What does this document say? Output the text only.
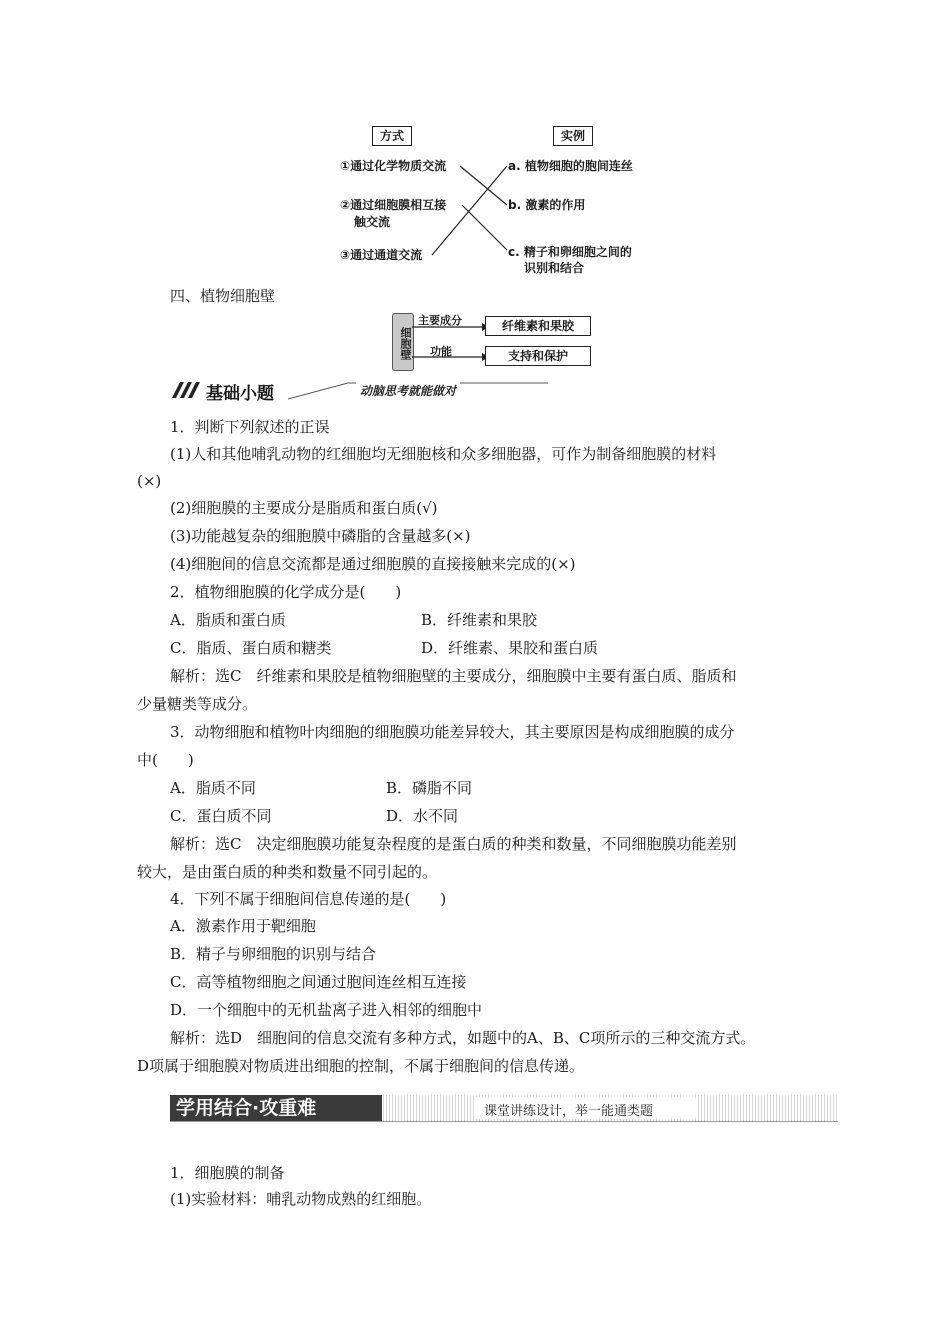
方式	实例
①通过化学物质交流
②通过细胞膜相互接
触交流
③通过通道交流
a. 植物细胞的胞间连丝
b. 激素的作用
c. 精子和卵细胞之间的
识别和结合
四、植物细胞壁
细胞壁
主要成分
功能
纤维素和果胶
支持和保护
基础小题	动脑思考就能做对
1．判断下列叙述的正误
(1)人和其他哺乳动物的红细胞均无细胞核和众多细胞器，可作为制备细胞膜的材料
(×)
(2)细胞膜的主要成分是脂质和蛋白质(√)
(3)功能越复杂的细胞膜中磷脂的含量越多(×)
(4)细胞间的信息交流都是通过细胞膜的直接接触来完成的(×)
2．植物细胞膜的化学成分是(　　)
A．脂质和蛋白质	B．纤维素和果胶
C．脂质、蛋白质和糖类	D．纤维素、果胶和蛋白质
解析：选C　纤维素和果胶是植物细胞壁的主要成分，细胞膜中主要有蛋白质、脂质和
少量糖类等成分。
3．动物细胞和植物叶肉细胞的细胞膜功能差异较大，其主要原因是构成细胞膜的成分
中(　　)
A．脂质不同	B．磷脂不同
C．蛋白质不同	D．水不同
解析：选C　决定细胞膜功能复杂程度的是蛋白质的种类和数量，不同细胞膜功能差别
较大，是由蛋白质的种类和数量不同引起的。
4．下列不属于细胞间信息传递的是(　　)
A．激素作用于靶细胞
B．精子与卵细胞的识别与结合
C．高等植物细胞之间通过胞间连丝相互连接
D．一个细胞中的无机盐离子进入相邻的细胞中
解析：选D　细胞间的信息交流有多种方式，如题中的A、B、C项所示的三种交流方式。
D项属于细胞膜对物质进出细胞的控制，不属于细胞间的信息传递。
学用结合·攻重难	课堂讲练设计，举一能通类题
1．细胞膜的制备
(1)实验材料：哺乳动物成熟的红细胞。
